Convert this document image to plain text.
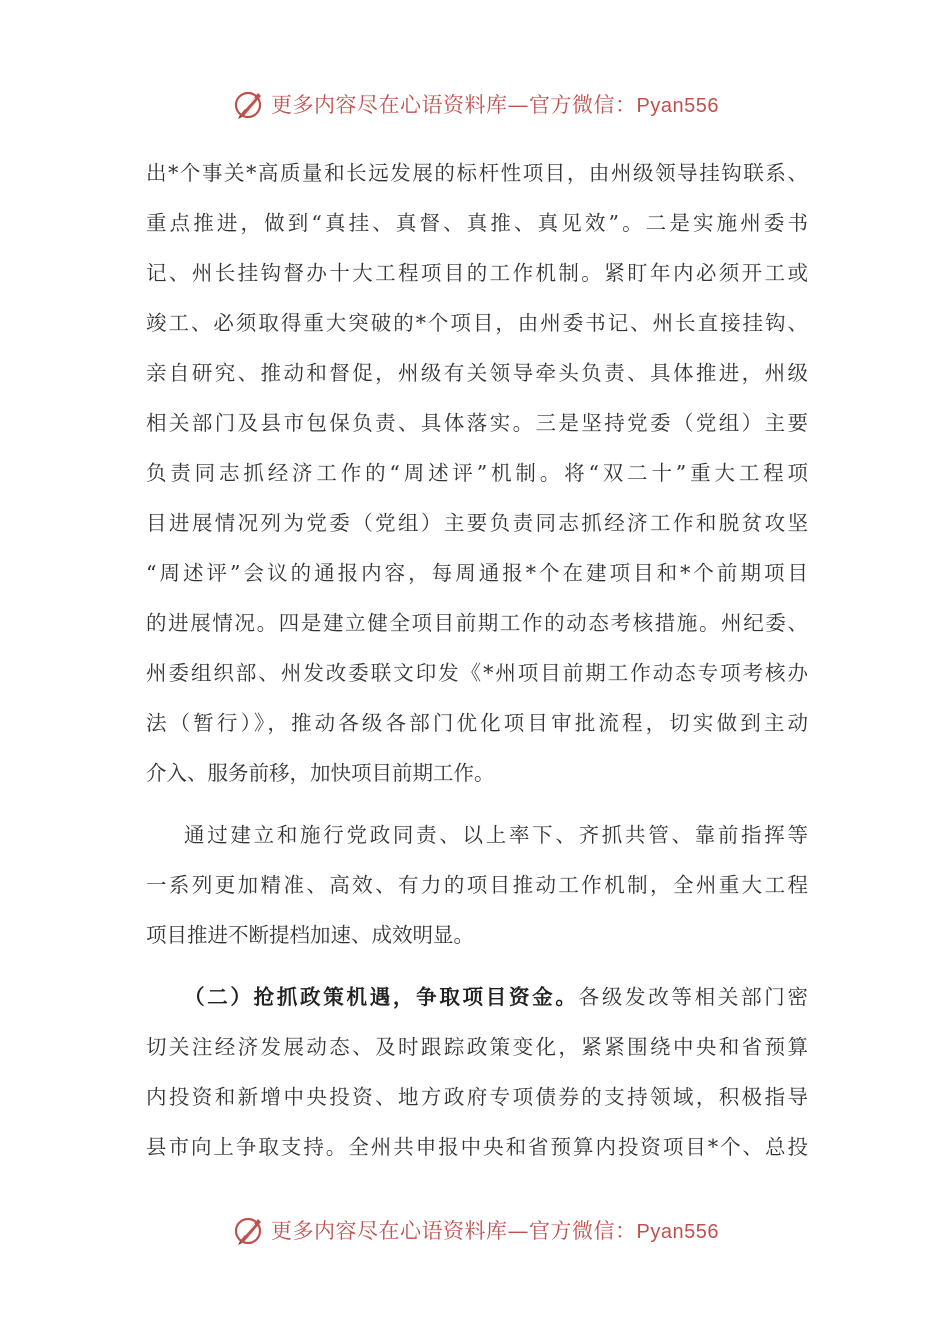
更多内容尽在心语资料库—官方微信：Pyan556
出*个事关*高质量和长远发展的标杆性项目，由州级领导挂钩联系、
重点推进，做到“真挂、真督、真推、真见效”。二是实施州委书
记、州长挂钩督办十大工程项目的工作机制。紧盯年内必须开工或
竣工、必须取得重大突破的*个项目，由州委书记、州长直接挂钩、
亲自研究、推动和督促，州级有关领导牵头负责、具体推进，州级
相关部门及县市包保负责、具体落实。三是坚持党委（党组）主要
负责同志抓经济工作的“周述评”机制。将“双二十”重大工程项
目进展情况列为党委（党组）主要负责同志抓经济工作和脱贫攻坚
“周述评”会议的通报内容，每周通报*个在建项目和*个前期项目
的进展情况。四是建立健全项目前期工作的动态考核措施。州纪委、
州委组织部、州发改委联文印发《*州项目前期工作动态专项考核办
法（暂行）》，推动各级各部门优化项目审批流程，切实做到主动
介入、服务前移，加快项目前期工作。
通过建立和施行党政同责、以上率下、齐抓共管、靠前指挥等
一系列更加精准、高效、有力的项目推动工作机制，全州重大工程
项目推进不断提档加速、成效明显。
（二）抢抓政策机遇，争取项目资金。各级发改等相关部门密
切关注经济发展动态、及时跟踪政策变化，紧紧围绕中央和省预算
内投资和新增中央投资、地方政府专项债券的支持领域，积极指导
县市向上争取支持。全州共申报中央和省预算内投资项目*个、总投
更多内容尽在心语资料库—官方微信：Pyan556
